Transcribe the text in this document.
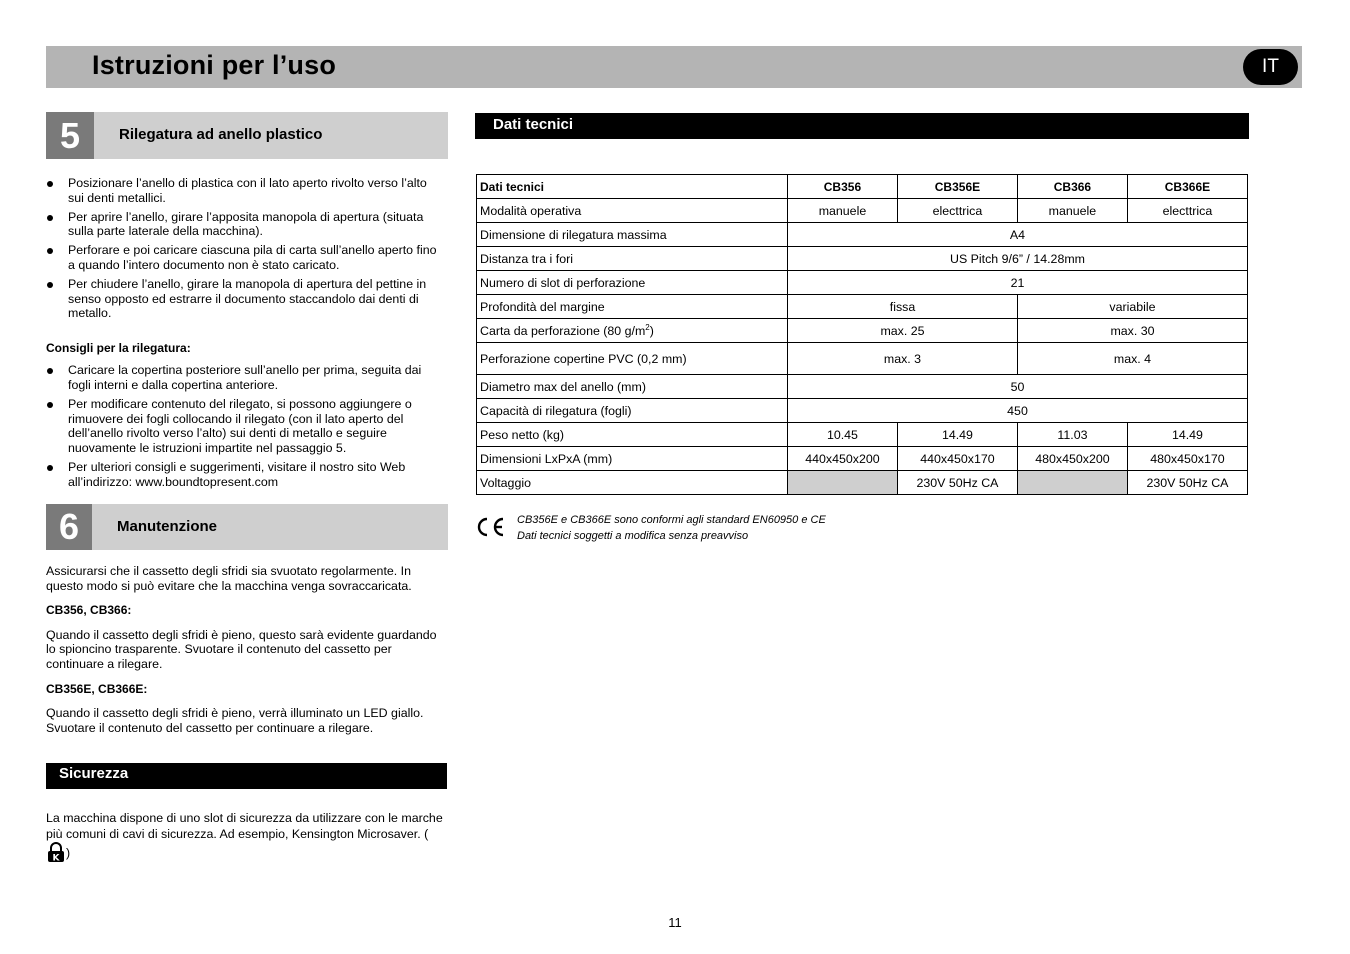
Istruzioni per l’uso	IT
5	Rilegatura ad anello plastico
Posizionare l’anello di plastica con il lato aperto rivolto verso l’alto sui denti metallici.
Per aprire l’anello, girare l’apposita manopola di apertura (situata sulla parte laterale della macchina).
Perforare e poi caricare ciascuna pila di carta sull’anello aperto fino a quando l’intero documento non è stato caricato.
Per chiudere l’anello, girare la manopola di apertura del pettine in senso opposto ed estrarre il documento staccandolo dai denti di metallo.
Consigli per la rilegatura:
Caricare la copertina posteriore sull’anello per prima, seguita dai fogli interni e dalla copertina anteriore.
Per modificare contenuto del rilegato, si possono aggiungere o rimuovere dei fogli collocando il rilegato (con il lato aperto del dell’anello rivolto verso l’alto) sui denti di metallo e seguire nuovamente le istruzioni impartite nel passaggio 5.
Per ulteriori consigli e suggerimenti, visitare il nostro sito Web all’indirizzo: www.boundtopresent.com
6	Manutenzione

Assicurarsi che il cassetto degli sfridi sia svuotato regolarmente. In questo modo si può evitare che la macchina venga sovraccaricata.

CB356, CB366:

Quando il cassetto degli sfridi è pieno, questo sarà evidente guardando lo spioncino trasparente. Svuotare il contenuto del cassetto per continuare a rilegare.

CB356E, CB366E:

Quando il cassetto degli sfridi è pieno, verrà illuminato un LED giallo. Svuotare il contenuto del cassetto per continuare a rilegare.

Sicurezza
La macchina dispone di uno slot di sicurezza da utilizzare con le marche più comuni di cavi di sicurezza. Ad esempio, Kensington Microsaver. (
K )
Dati tecnici
Dati tecnici	CB356	CB356E	CB366	CB366E
Modalità operativa	manuele	electtrica	manuele	electtrica
Dimensione di rilegatura massima	A4			
Distanza tra i fori	US Pitch 9/6” / 14.28mm			
Numero di slot di perforazione	21			
Profondità del margine	fissa		variabile	
Carta da perforazione (80 $g/m^2$)	max. 25		max. 30	
Perforazione copertine PVC (0,2 mm)	max. 3		max. 4	
Diametro max del anello (mm)	50			
Capacità di rilegatura (fogli)	450			
Peso netto (kg)	10.45	14.49	11.03	14.49
Dimensioni LxPxA (mm)	440x450x200	440x450x170	480x450x200	480x450x170
Voltaggio		230V 50Hz CA		230V 50Hz CA
CB356E e CB366E sono conformi agli standard EN60950 e CE
Dati tecnici soggetti a modifica senza preavviso
11
